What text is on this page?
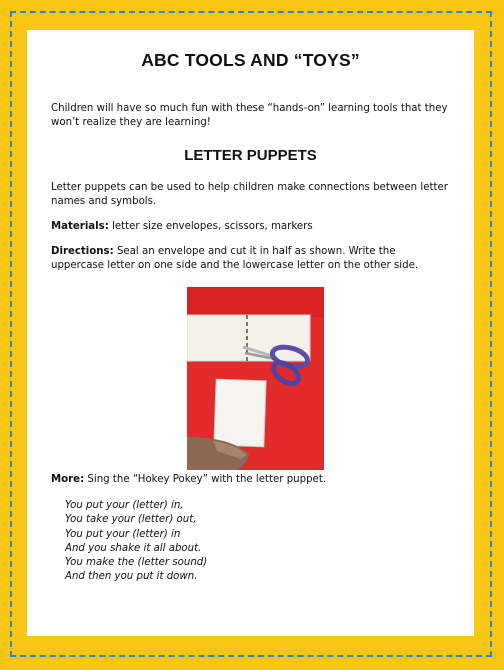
ABC TOOLS AND “TOYS”
Children will have so much fun with these “hands-on” learning tools that they won’t realize they are learning!
LETTER PUPPETS
Letter puppets can be used to help children make connections between letter names and symbols.
Materials: letter size envelopes, scissors, markers
Directions: Seal an envelope and cut it in half as shown. Write the uppercase letter on one side and the lowercase letter on the other side.
More: Sing the “Hokey Pokey” with the letter puppet.
You put your (letter) in,
You take your (letter) out,
You put your (letter) in
And you shake it all about.
You make the (letter sound)
And then you put it down.
